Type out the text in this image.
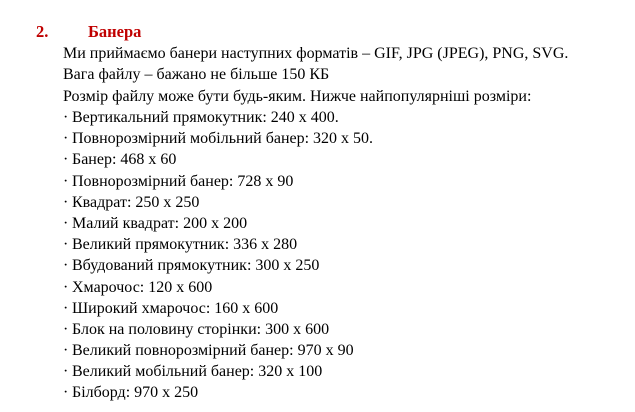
2. Банера
Ми приймаємо банери наступних форматів – GIF, JPG (JPEG), PNG, SVG.
Вага файлу – бажано не більше 150 КБ
Розмір файлу може бути будь-яким. Нижче найпопулярніші розміри:
· Вертикальний прямокутник: 240 x 400.
· Повнорозмірний мобільний банер: 320 x 50.
· Банер: 468 x 60
· Повнорозмірний банер: 728 x 90
· Квадрат: 250 x 250
· Малий квадрат: 200 x 200
· Великий прямокутник: 336 x 280
· Вбудований прямокутник: 300 x 250
· Хмарочос: 120 x 600
· Широкий хмарочос: 160 x 600
· Блок на половину сторінки: 300 x 600
· Великий повнорозмірний банер: 970 x 90
· Великий мобільний банер: 320 x 100
· Білборд: 970 x 250
